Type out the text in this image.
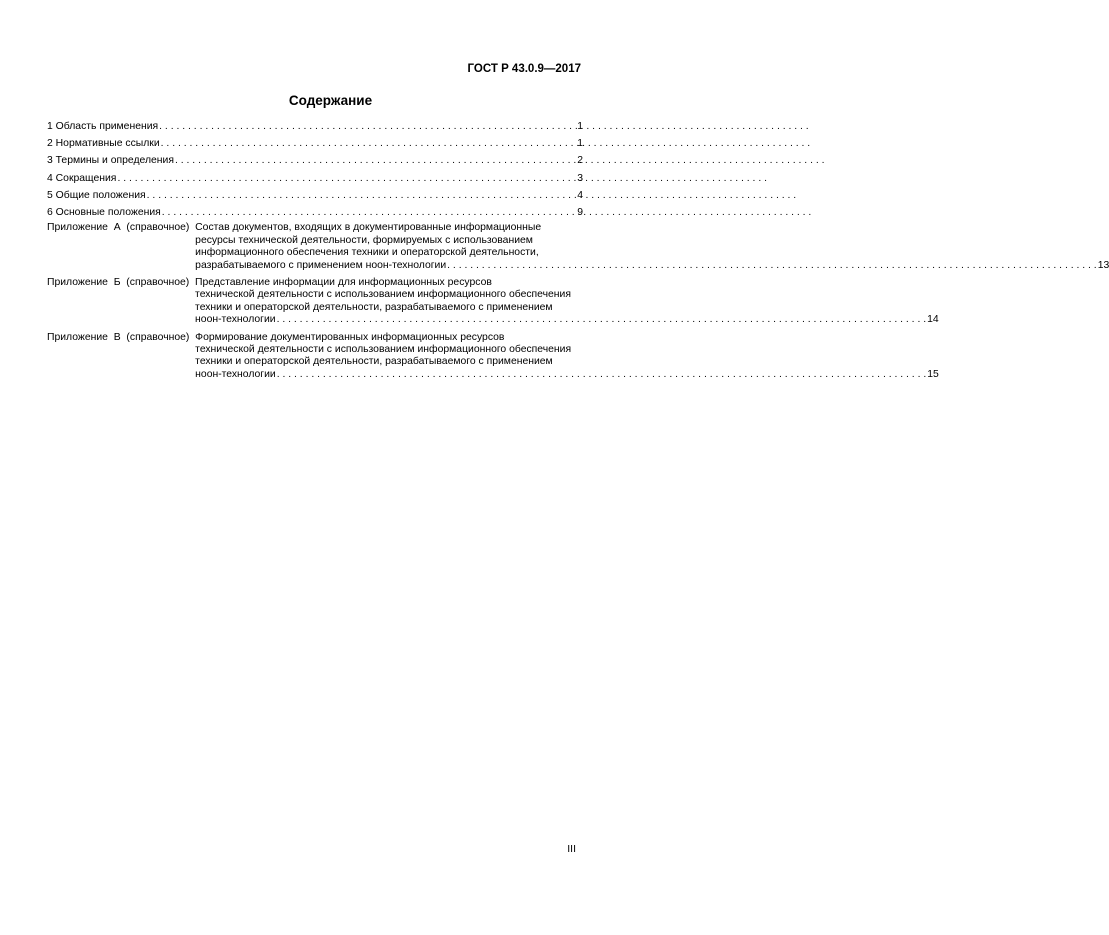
ГОСТ Р 43.0.9—2017
Содержание
1 Область применения . . .	1
2 Нормативные ссылки . . .	1
3 Термины и определения . . .	2
4 Сокращения . . .	3
5 Общие положения . . .	4
6 Основные положения . . .	9
Приложение  А  (справочное) Состав документов, входящих в документированные информационные
ресурсы технической деятельности, формируемых с использованием
информационного обеспечения техники и операторской деятельности,
разрабатываемого с применением ноон-технологии . . .	13
Приложение  Б  (справочное) Представление информации для информационных ресурсов
технической деятельности с использованием информационного обеспечения
техники и операторской деятельности, разрабатываемого с применением
ноон-технологии . . .	14
Приложение  В  (справочное) Формирование документированных информационных ресурсов
технической деятельности с использованием информационного обеспечения
техники и операторской деятельности, разрабатываемого с применением
ноон-технологии . . .	15
III
